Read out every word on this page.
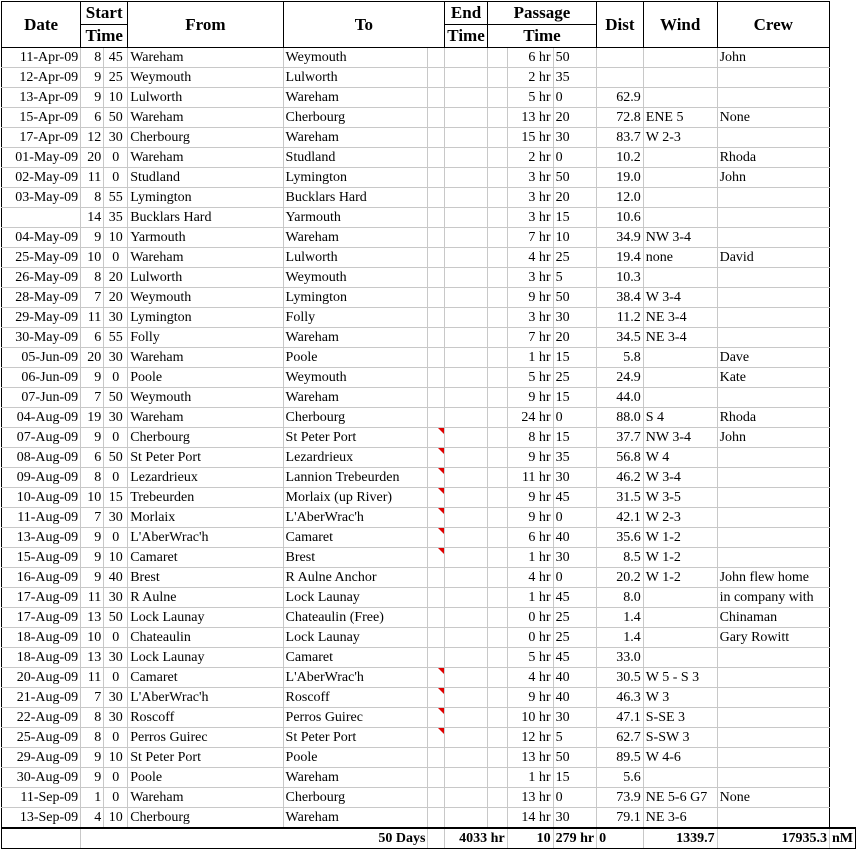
Date	Start		From	To		End	Passage			Dist	Wind	Crew	
	Time					Time	Time						
11-Apr-09	8	45	Wareham	Weymouth				6 hr	50			John	
12-Apr-09	9	25	Weymouth	Lulworth				2 hr	35				
13-Apr-09	9	10	Lulworth	Wareham				5 hr	0	62.9			
15-Apr-09	6	50	Wareham	Cherbourg				13 hr	20	72.8	ENE 5	None	
17-Apr-09	12	30	Cherbourg	Wareham				15 hr	30	83.7	W 2-3		
01-May-09	20	0	Wareham	Studland				2 hr	0	10.2		Rhoda	
02-May-09	11	0	Studland	Lymington				3 hr	50	19.0		John	
03-May-09	8	55	Lymington	Bucklars Hard				3 hr	20	12.0			
	14	35	Bucklars Hard	Yarmouth				3 hr	15	10.6			
04-May-09	9	10	Yarmouth	Wareham				7 hr	10	34.9	NW 3-4		
25-May-09	10	0	Wareham	Lulworth				4 hr	25	19.4	none	David	
26-May-09	8	20	Lulworth	Weymouth				3 hr	5	10.3			
28-May-09	7	20	Weymouth	Lymington				9 hr	50	38.4	W 3-4		
29-May-09	11	30	Lymington	Folly				3 hr	30	11.2	NE 3-4		
30-May-09	6	55	Folly	Wareham				7 hr	20	34.5	NE 3-4		
05-Jun-09	20	30	Wareham	Poole				1 hr	15	5.8		Dave	
06-Jun-09	9	0	Poole	Weymouth				5 hr	25	24.9		Kate	
07-Jun-09	7	50	Weymouth	Wareham				9 hr	15	44.0			
04-Aug-09	19	30	Wareham	Cherbourg				24 hr	0	88.0	S 4	Rhoda	
07-Aug-09	9	0	Cherbourg	St Peter Port				8 hr	15	37.7	NW 3-4	John	
08-Aug-09	6	50	St Peter Port	Lezardrieux				9 hr	35	56.8	W 4		
09-Aug-09	8	0	Lezardrieux	Lannion Trebeurden				11 hr	30	46.2	W 3-4		
10-Aug-09	10	15	Trebeurden	Morlaix (up River)				9 hr	45	31.5	W 3-5		
11-Aug-09	7	30	Morlaix	L'AberWrac'h				9 hr	0	42.1	W 2-3		
13-Aug-09	9	0	L'AberWrac'h	Camaret				6 hr	40	35.6	W 1-2		
15-Aug-09	9	10	Camaret	Brest				1 hr	30	8.5	W 1-2		
16-Aug-09	9	40	Brest	R Aulne Anchor				4 hr	0	20.2	W 1-2	John flew home	
17-Aug-09	11	30	R Aulne	Lock Launay				1 hr	45	8.0		in company with	
17-Aug-09	13	50	Lock Launay	Chateaulin (Free)				0 hr	25	1.4		Chinaman	
18-Aug-09	10	0	Chateaulin	Lock Launay				0 hr	25	1.4		Gary Rowitt	
18-Aug-09	13	30	Lock Launay	Camaret				5 hr	45	33.0			
20-Aug-09	11	0	Camaret	L'AberWrac'h				4 hr	40	30.5	W 5 - S 3		
21-Aug-09	7	30	L'AberWrac'h	Roscoff				9 hr	40	46.3	W 3		
22-Aug-09	8	30	Roscoff	Perros Guirec				10 hr	30	47.1	S-SE 3		
25-Aug-09	8	0	Perros Guirec	St Peter Port				12 hr	5	62.7	S-SW 3		
29-Aug-09	9	10	St Peter Port	Poole				13 hr	50	89.5	W 4-6		
30-Aug-09	9	0	Poole	Wareham				1 hr	15	5.6			
11-Sep-09	1	0	Wareham	Cherbourg				13 hr	0	73.9	NE 5-6 G7	None	
13-Sep-09	4	10	Cherbourg	Wareham				14 hr	30	79.1	NE 3-6		
	50 Days					4033 hr		10	279 hr	0	1339.7	17935.3	nM
